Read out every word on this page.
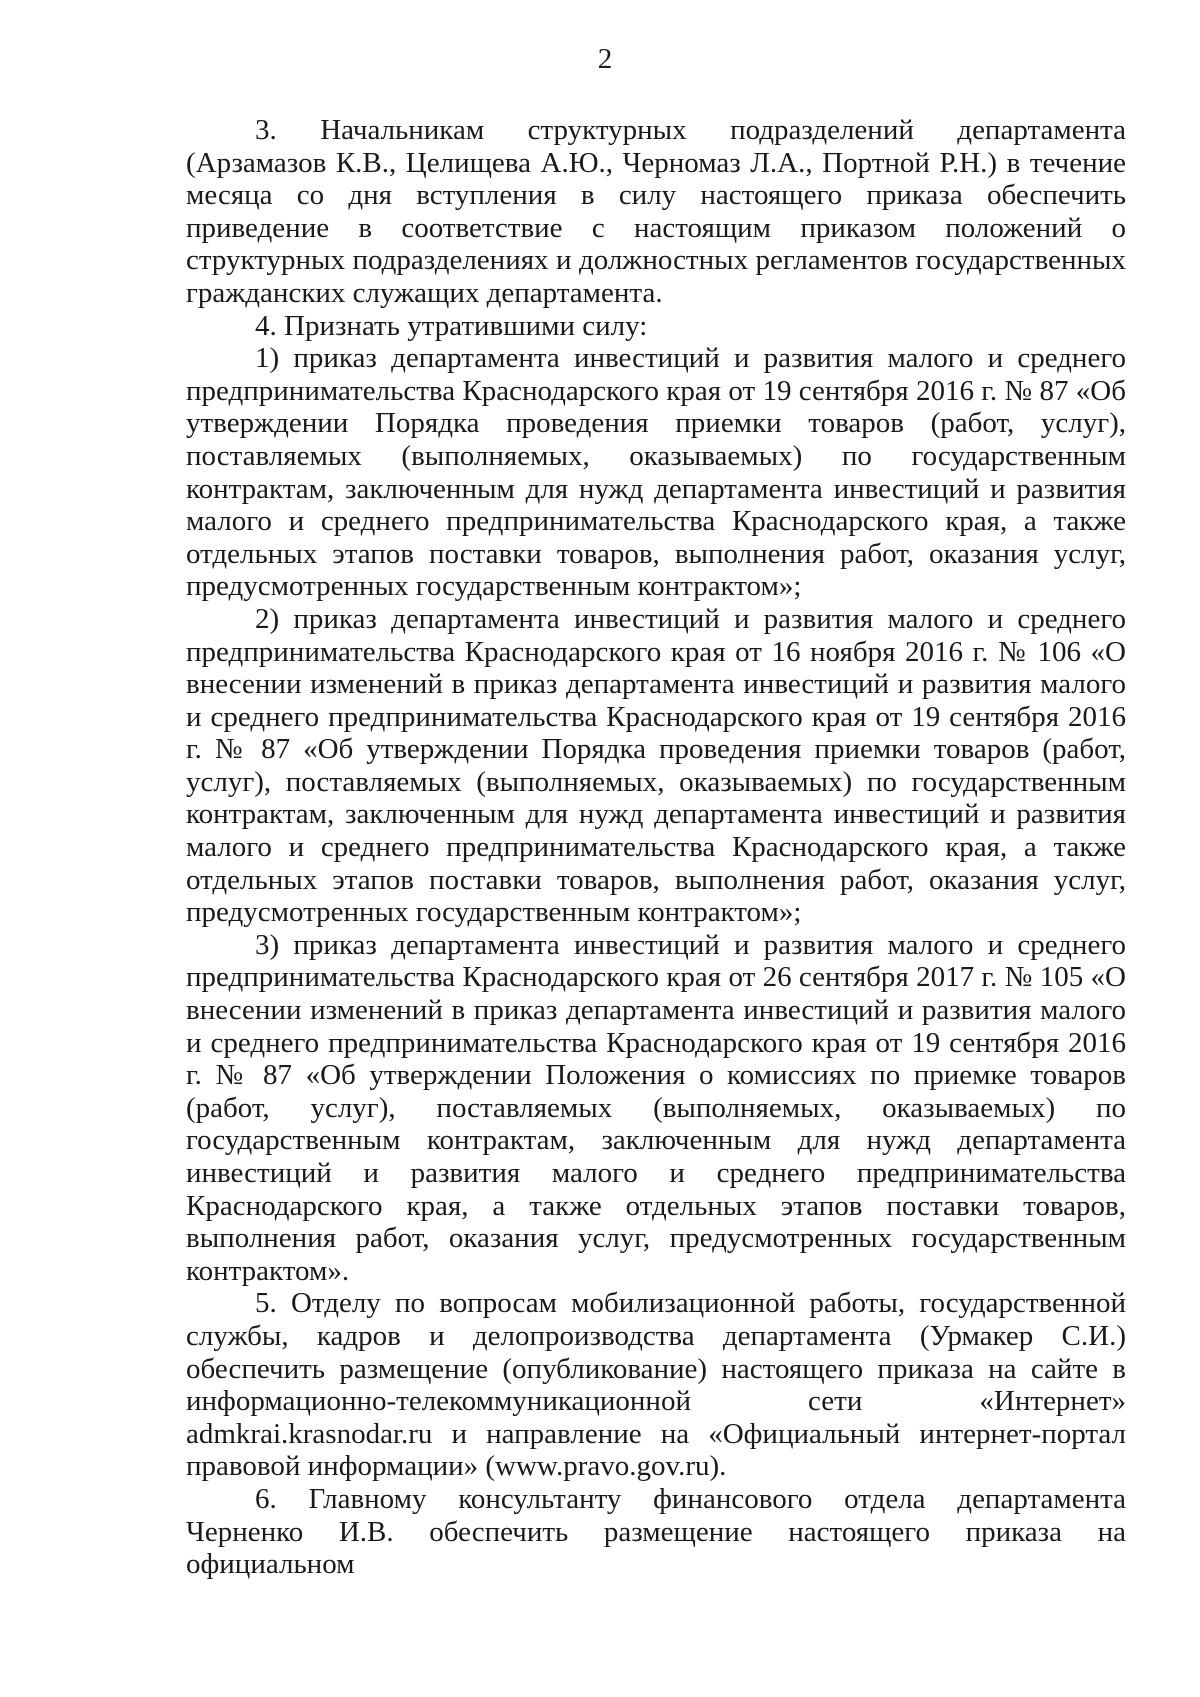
2

3. Начальникам структурных подразделений департамента (Арзамазов К.В., Целищева А.Ю., Черномаз Л.А., Портной Р.Н.) в течение месяца со дня вступления в силу настоящего приказа обеспечить приведение в соответствие с настоящим приказом положений о структурных подразделениях и должностных регламентов государственных гражданских служащих департамента.

4. Признать утратившими силу:

1) приказ департамента инвестиций и развития малого и среднего предпринимательства Краснодарского края от 19 сентября 2016 г. № 87 «Об утверждении Порядка проведения приемки товаров (работ, услуг), поставляемых (выполняемых, оказываемых) по государственным контрактам, заключенным для нужд департамента инвестиций и развития малого и среднего предпринимательства Краснодарского края, а также отдельных этапов поставки товаров, выполнения работ, оказания услуг, предусмотренных государственным контрактом»;

2) приказ департамента инвестиций и развития малого и среднего предпринимательства Краснодарского края от 16 ноября 2016 г. № 106 «О внесении изменений в приказ департамента инвестиций и развития малого и среднего предпринимательства Краснодарского края от 19 сентября 2016 г. № 87 «Об утверждении Порядка проведения приемки товаров (работ, услуг), поставляемых (выполняемых, оказываемых) по государственным контрактам, заключенным для нужд департамента инвестиций и развития малого и среднего предпринимательства Краснодарского края, а также отдельных этапов поставки товаров, выполнения работ, оказания услуг, предусмотренных государственным контрактом»;

3) приказ департамента инвестиций и развития малого и среднего предпринимательства Краснодарского края от 26 сентября 2017 г. № 105 «О внесении изменений в приказ департамента инвестиций и развития малого и среднего предпринимательства Краснодарского края от 19 сентября 2016 г. № 87 «Об утверждении Положения о комиссиях по приемке товаров (работ, услуг), поставляемых (выполняемых, оказываемых) по государственным контрактам, заключенным для нужд департамента инвестиций и развития малого и среднего предпринимательства Краснодарского края, а также отдельных этапов поставки товаров, выполнения работ, оказания услуг, предусмотренных государственным контрактом».

5. Отделу по вопросам мобилизационной работы, государственной службы, кадров и делопроизводства департамента (Урмакер С.И.) обеспечить размещение (опубликование) настоящего приказа на сайте в информационно-телекоммуникационной сети «Интернет» admkrai.krasnodar.ru и направление на «Официальный интернет-портал правовой информации» (www.pravo.gov.ru).

6. Главному консультанту финансового отдела департамента Черненко И.В. обеспечить размещение настоящего приказа на официальном
